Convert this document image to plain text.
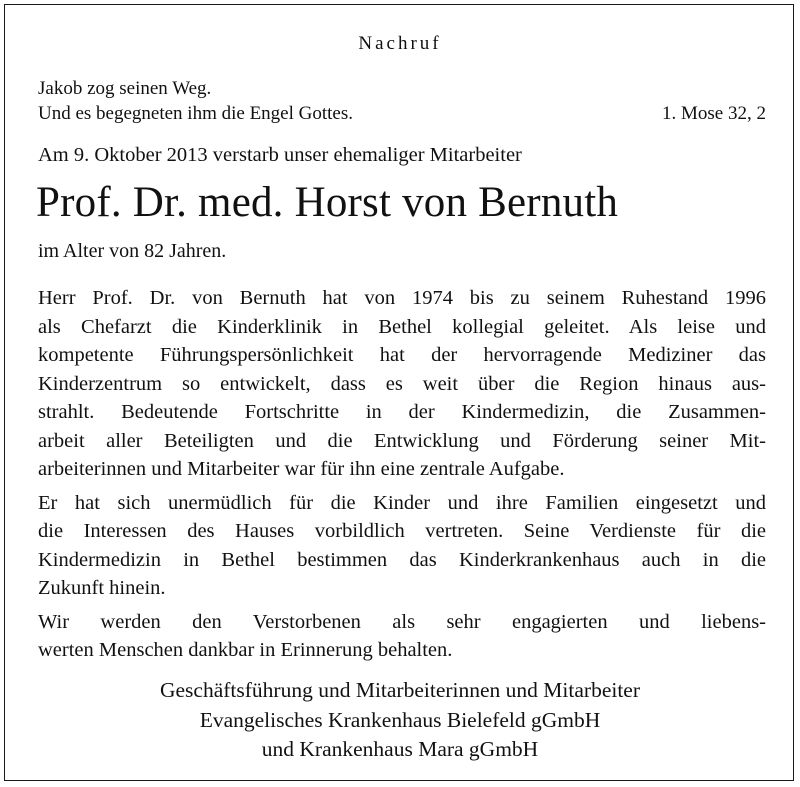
Nachruf
Jakob zog seinen Weg.
Und es begegneten ihm die Engel Gottes.	1. Mose 32, 2
Am 9. Oktober 2013 verstarb unser ehemaliger Mitarbeiter
Prof. Dr. med. Horst von Bernuth
im Alter von 82 Jahren.
Herr Prof. Dr. von Bernuth hat von 1974 bis zu seinem Ruhestand 1996
als Chefarzt die Kinderklinik in Bethel kollegial geleitet. Als leise und
kompetente Führungspersönlichkeit hat der hervorragende Mediziner das
Kinderzentrum so entwickelt, dass es weit über die Region hinaus aus-
strahlt. Bedeutende Fortschritte in der Kindermedizin, die Zusammen-
arbeit aller Beteiligten und die Entwicklung und Förderung seiner Mit-
arbeiterinnen und Mitarbeiter war für ihn eine zentrale Aufgabe.
Er hat sich unermüdlich für die Kinder und ihre Familien eingesetzt und
die Interessen des Hauses vorbildlich vertreten. Seine Verdienste für die
Kindermedizin in Bethel bestimmen das Kinderkrankenhaus auch in die
Zukunft hinein.
Wir werden den Verstorbenen als sehr engagierten und liebens-
werten Menschen dankbar in Erinnerung behalten.
Geschäftsführung und Mitarbeiterinnen und Mitarbeiter
Evangelisches Krankenhaus Bielefeld gGmbH
und Krankenhaus Mara gGmbH
